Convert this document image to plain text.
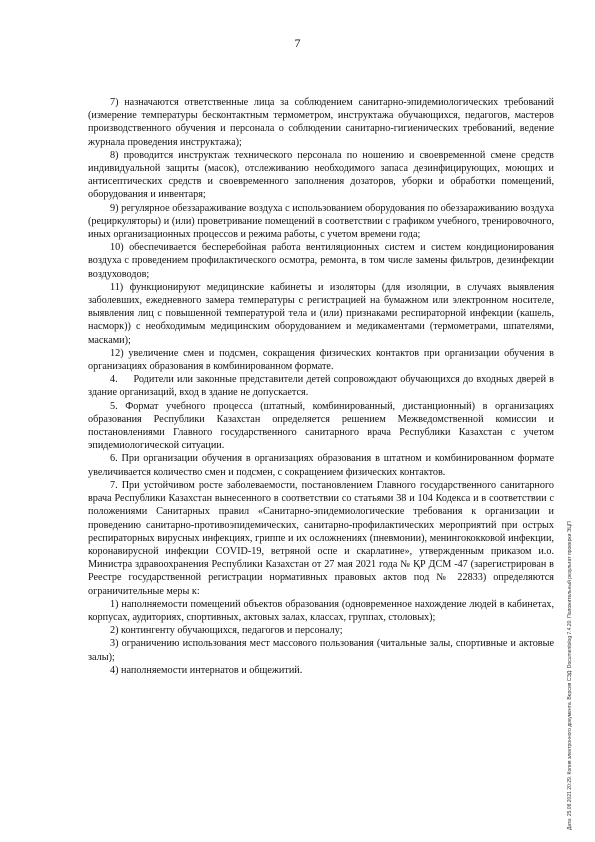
7

7) назначаются ответственные лица за соблюдением санитарно-эпидемиологических требований (измерение температуры бесконтактным термометром, инструктажа обучающихся, педагогов, мастеров производственного обучения и персонала о соблюдении санитарно-гигиенических требований, ведение журнала проведения инструктажа);

8) проводится инструктаж технического персонала по ношению и своевременной смене средств индивидуальной защиты (масок), отслеживанию необходимого запаса дезинфицирующих, моющих и антисептических средств и своевременного заполнения дозаторов, уборки и обработки помещений, оборудования и инвентаря;

9) регулярное обеззараживание воздуха с использованием оборудования по обеззараживанию воздуха (рециркуляторы) и (или) проветривание помещений в соответствии с графиком учебного, тренировочного, иных организационных процессов и режима работы, с учетом времени года;

10) обеспечивается бесперебойная работа вентиляционных систем и систем кондиционирования воздуха с проведением профилактического осмотра, ремонта, в том числе замены фильтров, дезинфекции воздуховодов;

11) функционируют медицинские кабинеты и изоляторы (для изоляции, в случаях выявления заболевших, ежедневного замера температуры с регистрацией на бумажном или электронном носителе, выявления лиц с повышенной температурой тела и (или) признаками респираторной инфекции (кашель, насморк)) с необходимым медицинским оборудованием и медикаментами (термометрами, шпателями, масками);

12) увеличение смен и подсмен, сокращения физических контактов при организации обучения в организациях образования в комбинированном формате.

4.     Родители или законные представители детей сопровождают обучающихся до входных дверей в здание организаций, вход в здание не допускается.

5. Формат учебного процесса (штатный, комбинированный, дистанционный) в организациях образования Республики Казахстан определяется решением Межведомственной комиссии и постановлениями Главного государственного санитарного врача Республики Казахстан с учетом эпидемиологической ситуации.

6. При организации обучения в организациях образования в штатном и комбинированном формате увеличивается количество смен и подсмен, с сокращением физических контактов.

7. При устойчивом росте заболеваемости, постановлением Главного государственного санитарного врача Республики Казахстан вынесенного в соответствии со статьями 38 и 104 Кодекса и в соответствии с положениями Санитарных правил «Санитарно-эпидемиологические требования к организации и проведению санитарно-противоэпидемических, санитарно-профилактических мероприятий при острых респираторных вирусных инфекциях, гриппе и их осложнениях (пневмонии), менингококковой инфекции, коронавирусной инфекции COVID-19, ветряной оспе и скарлатине», утвержденным приказом и.о. Министра здравоохранения Республики Казахстан от 27 мая 2021 года № ҚР ДСМ -47 (зарегистрирован в Реестре государственной регистрации нормативных правовых актов под № 22833) определяются ограничительные меры к:

1) наполняемости помещений объектов образования (одновременное нахождение людей в кабинетах, корпусах, аудиториях, спортивных, актовых залах, классах, группах, столовых);

2) контингенту обучающихся, педагогов и персоналу;

3) ограничению использования мест массового пользования (читальные залы, спортивные и актовые залы);

4) наполняемости интернатов и общежитий.	Дата: 25.08.2021 20:29. Копия электронного документа. Версия СЭД: Documentolog 7.4.20. Положительный результат проверки ЭЦП
